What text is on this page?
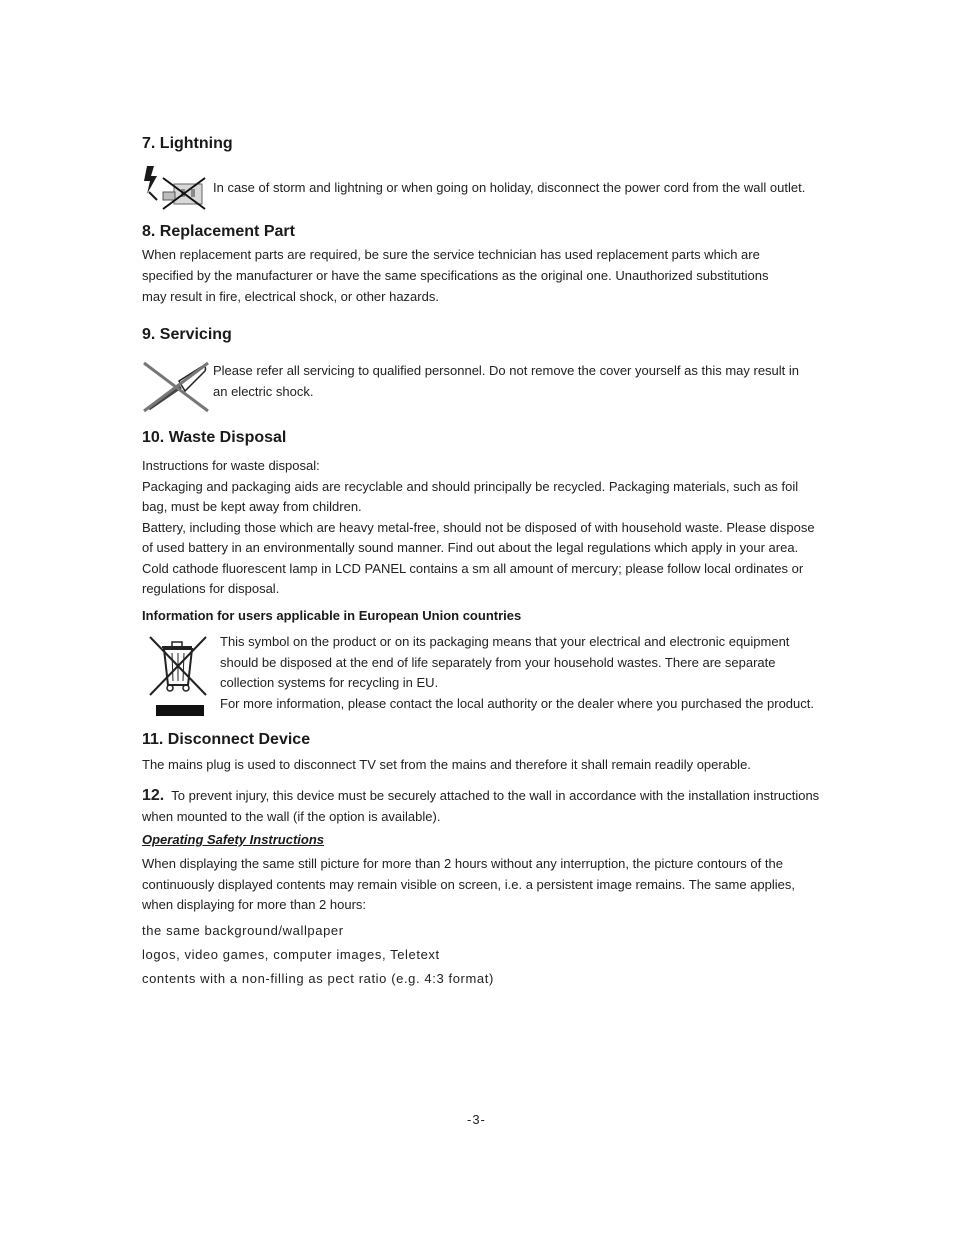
7. Lightning
In case of storm and lightning or when going on holiday, disconnect the power cord from the wall outlet.
8. Replacement Part
When replacement parts are required, be sure the service technician has used replacement parts which are
specified by the manufacturer or have the same specifications as the original one. Unauthorized substitutions
may result in fire, electrical shock, or other hazards.
9. Servicing
Please refer all servicing to qualified personnel. Do not remove the cover yourself as this may result in
an electric shock.
10. Waste Disposal
Instructions for waste disposal:
Packaging and packaging aids are recyclable and should principally be recycled. Packaging materials, such as foil
bag, must be kept away from children.
Battery, including those which are heavy metal-free, should not be disposed of with household waste. Please dispose
of used battery in an environmentally sound manner. Find out about the legal regulations which apply in your area.
Cold cathode fluorescent lamp in LCD PANEL contains a sm all amount of mercury; please follow local ordinates or
regulations for disposal.
Information for users applicable in European Union countries
This symbol on the product or on its packaging means that your electrical and electronic equipment
should be disposed at the end of life separately from your household wastes. There are separate
collection systems for recycling in EU.
For more information, please contact the local authority or the dealer where you purchased the product.
11. Disconnect Device
The mains plug is used to disconnect TV set from the mains and therefore it shall remain readily operable.
12. To prevent injury, this device must be securely attached to the wall in accordance with the installation instructions
when mounted to the wall (if the option is available).
Operating Safety Instructions
When displaying the same still picture for more than 2 hours without any interruption, the picture contours of the
continuously displayed contents may remain visible on screen, i.e. a persistent image remains. The same applies,
when displaying for more than 2 hours:
the same background/wallpaper
logos, video games, computer images, Teletext
contents with a non-filling as pect ratio (e.g. 4:3 format)
-3-
